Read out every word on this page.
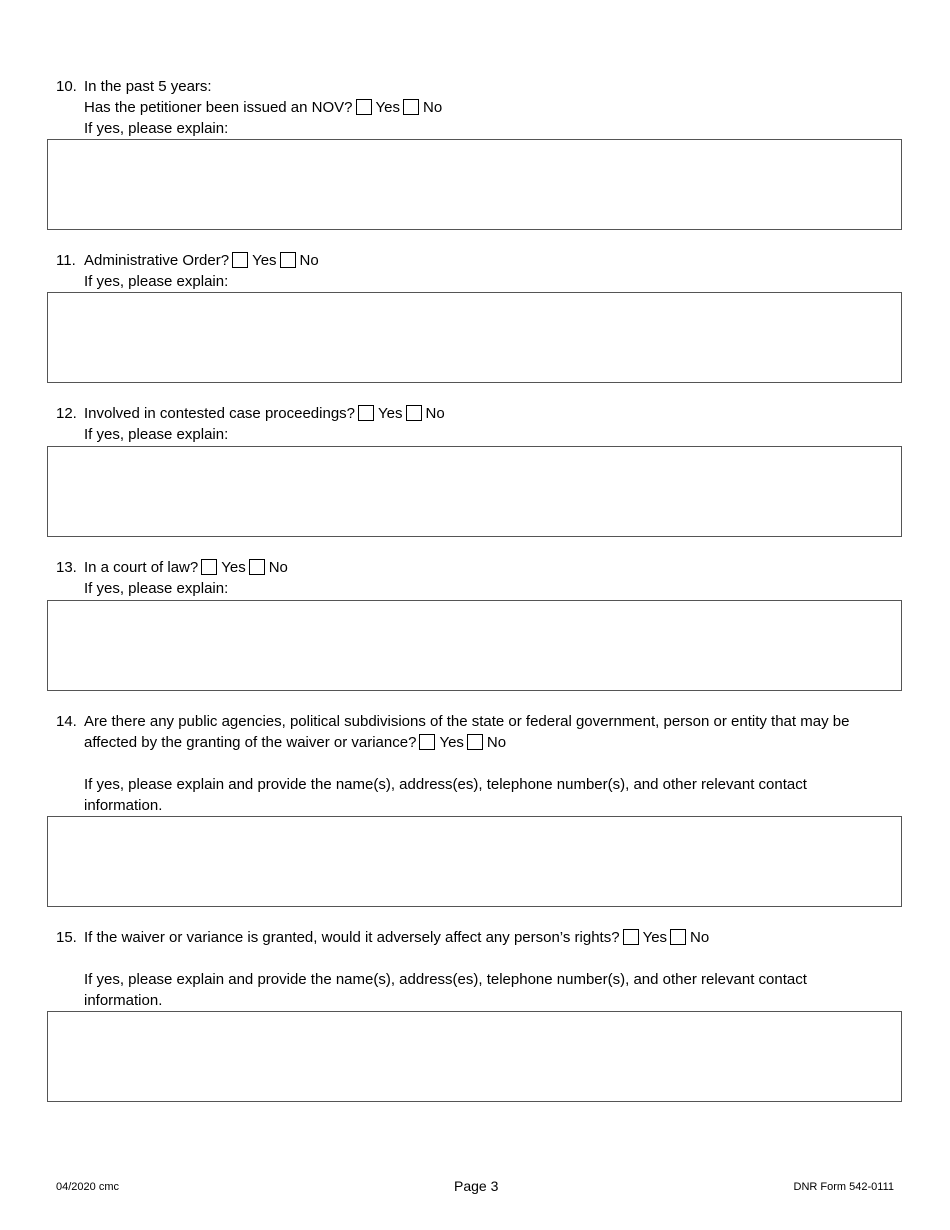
10. In the past 5 years:
Has the petitioner been issued an NOV? Yes No
If yes, please explain:
11. Administrative Order? Yes No
If yes, please explain:
12. Involved in contested case proceedings? Yes No
If yes, please explain:
13. In a court of law? Yes No
If yes, please explain:
14. Are there any public agencies, political subdivisions of the state or federal government, person or entity that may be
affected by the granting of the waiver or variance? Yes No
If yes, please explain and provide the name(s), address(es), telephone number(s), and other relevant contact
information.
15. If the waiver or variance is granted, would it adversely affect any person’s rights? Yes No
If yes, please explain and provide the name(s), address(es), telephone number(s), and other relevant contact
information.
04/2020 cmc	Page 3	DNR Form 542-0111
